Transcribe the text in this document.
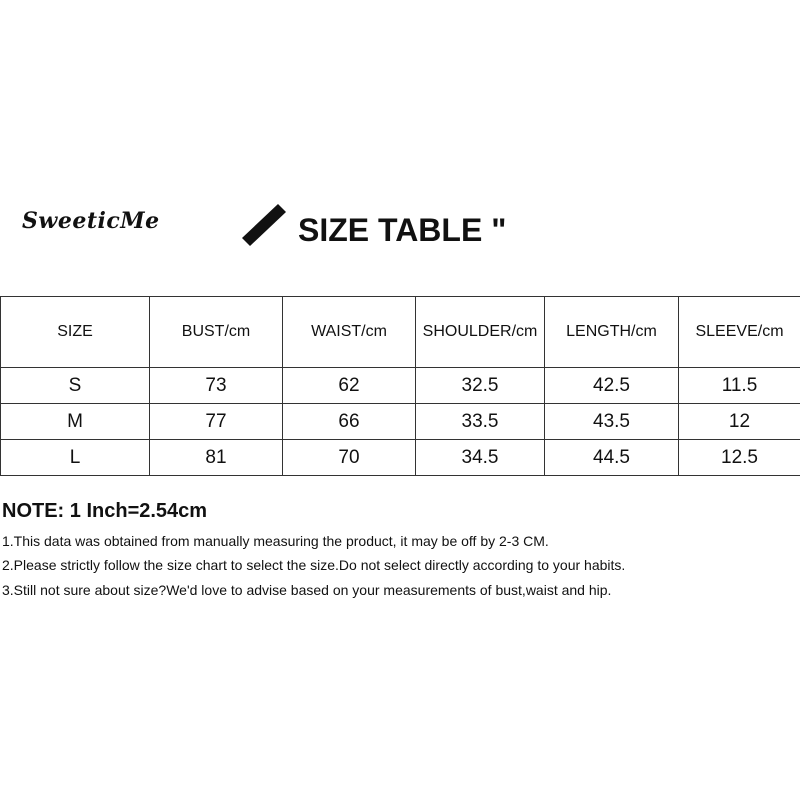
SweeticMe	SIZE TABLE "
SIZE	BUST/cm	WAIST/cm	SHOULDER/cm	LENGTH/cm	SLEEVE/cm
S	73	62	32.5	42.5	11.5
M	77	66	33.5	43.5	12
L	81	70	34.5	44.5	12.5
NOTE: 1 Inch=2.54cm
1.This data was obtained from manually measuring the product, it may be off by 2-3 CM.
2.Please strictly follow the size chart to select the size.Do not select directly according to your habits.
3.Still not sure about size?We'd love to advise based on your measurements of bust,waist and hip.
